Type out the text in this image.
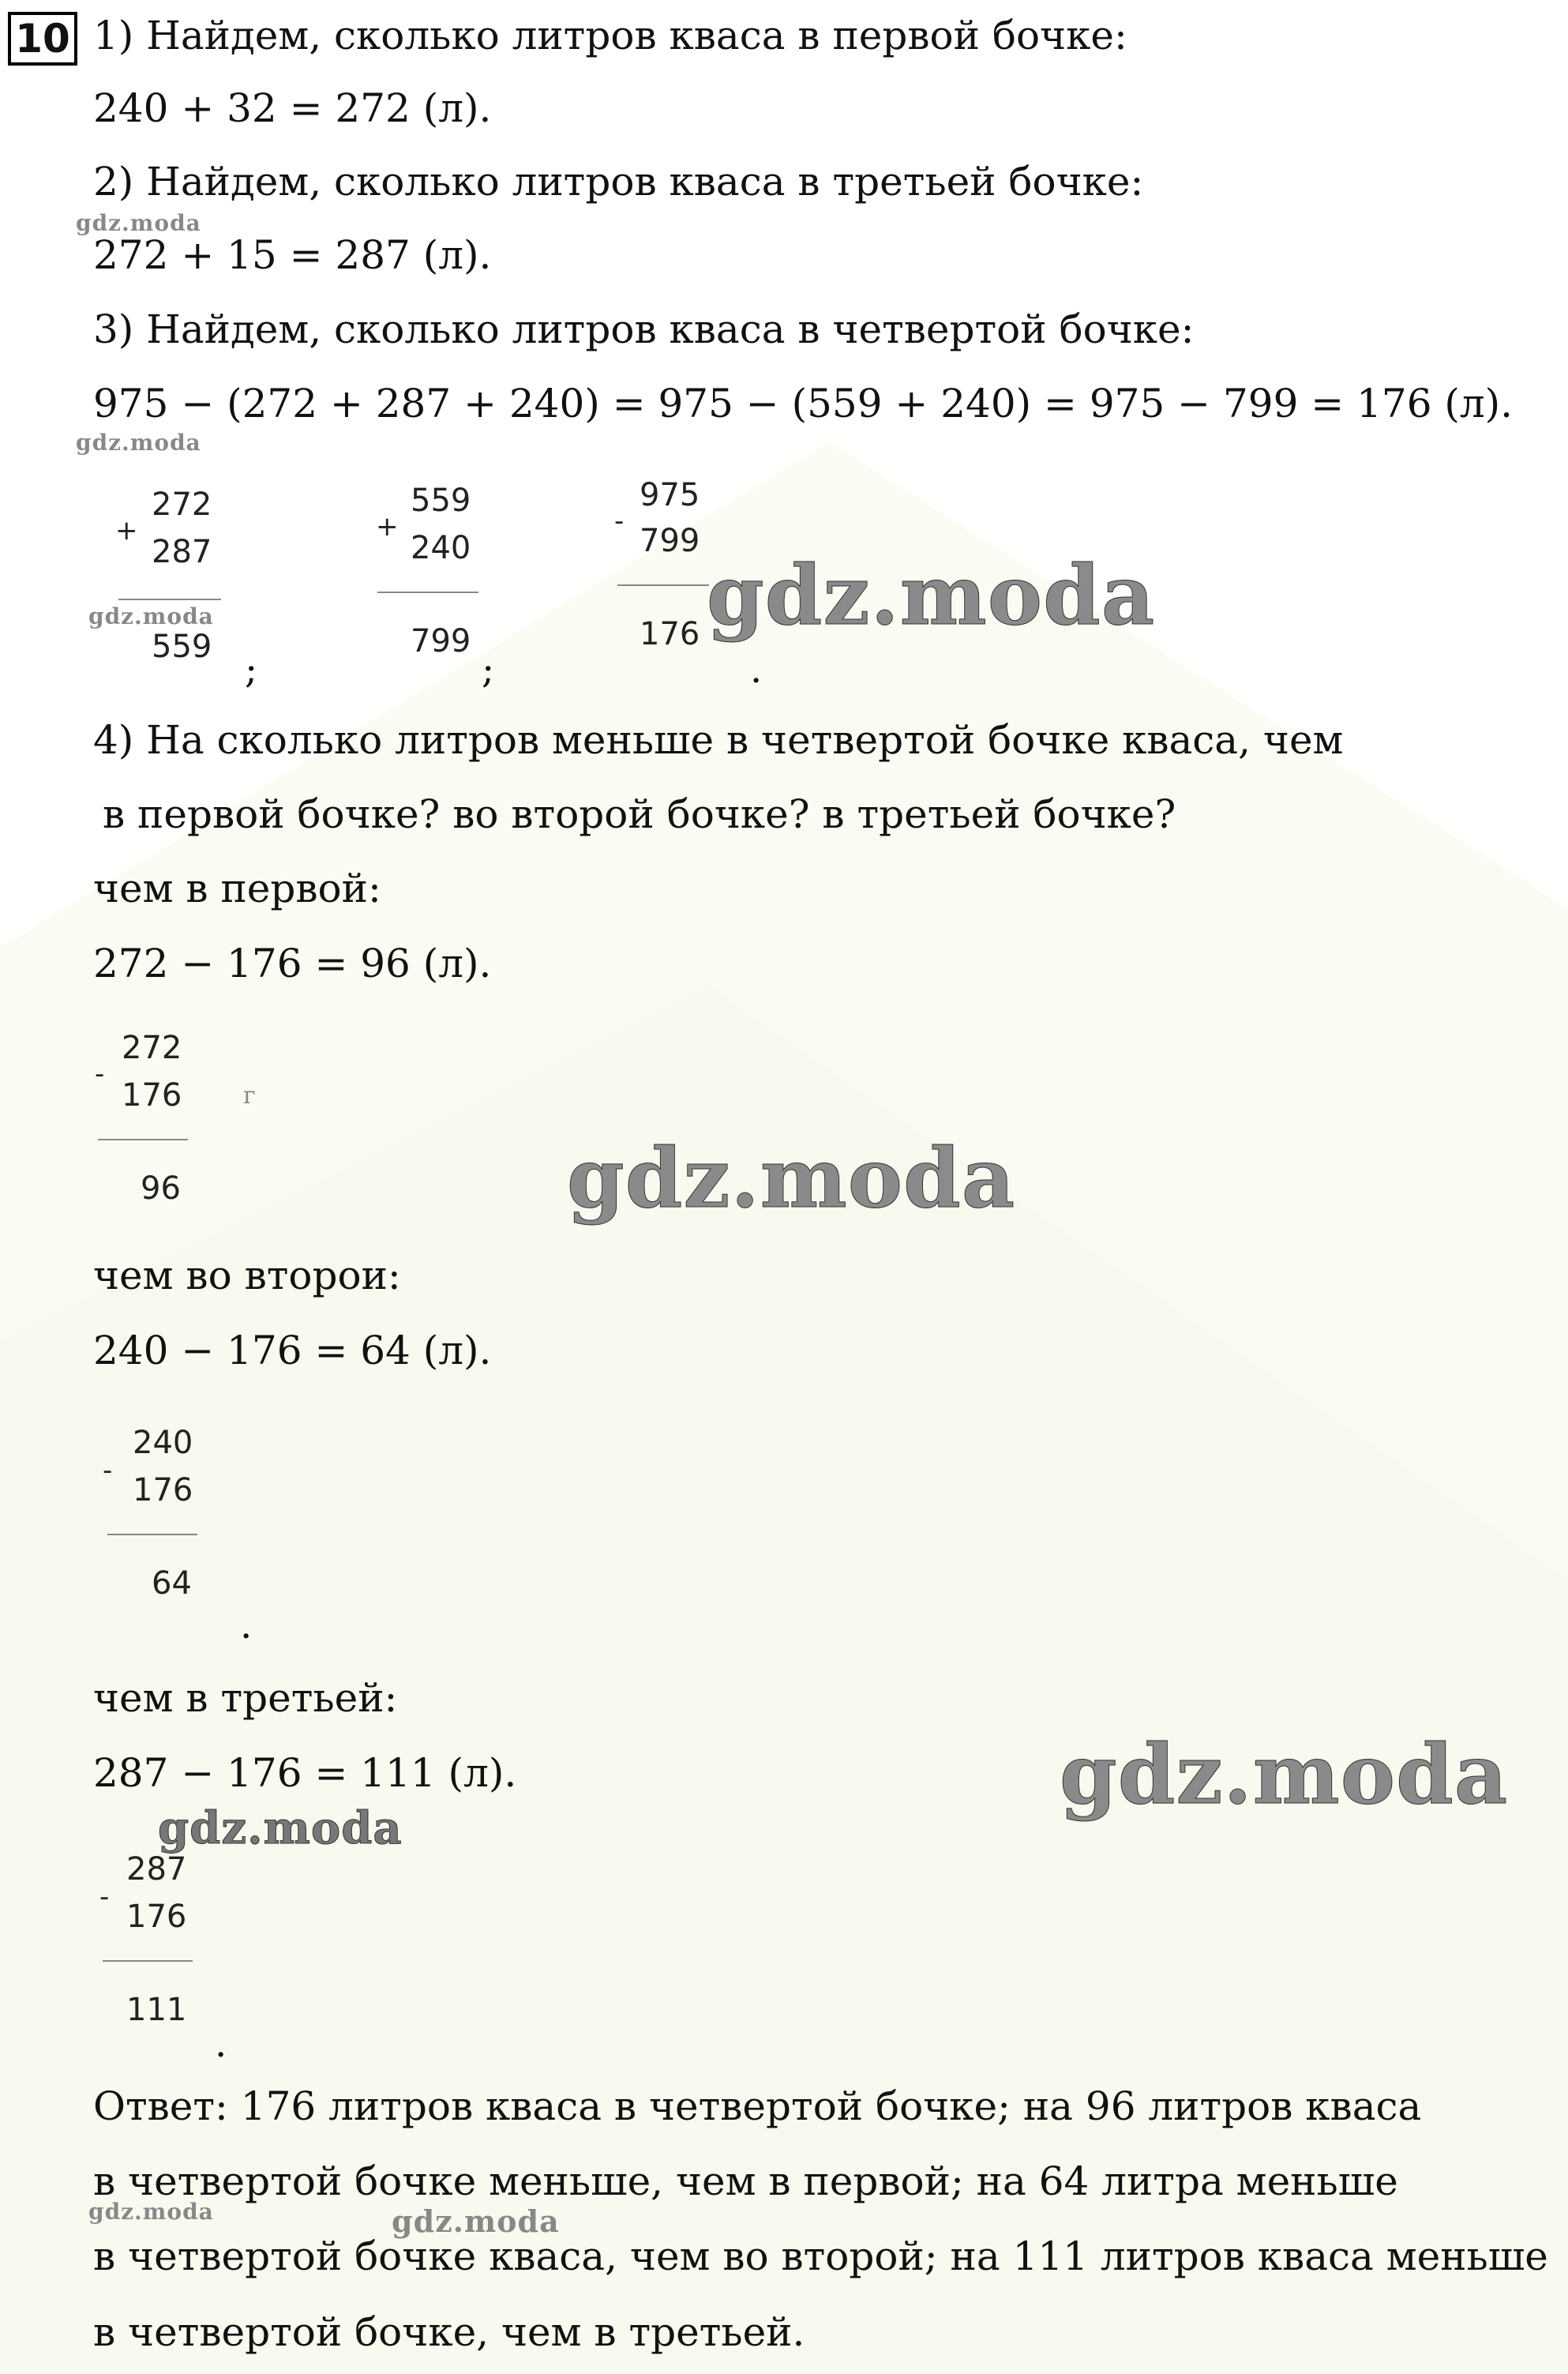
10 1) Найдем, сколько литров кваса в первой бочке:
240 + 32 = 272 (л).
2) Найдем, сколько литров кваса в третьей бочке:
272 + 15 = 287 (л).
3) Найдем, сколько литров кваса в четвертой бочке:
975 − (272 + 287 + 240) = 975 − (559 + 240) = 975 − 799 = 176 (л).
272
+
287
559
;
559
+
240
799
;
975
-
799
176
.
4) На сколько литров меньше в четвертой бочке кваса, чем
в первой бочке? во второй бочке? в третьей бочке?
чем в первой:
272 − 176 = 96 (л).
272
-
176
96
г
чем во второи:
240 − 176 = 64 (л).
240
-
176
64
.
чем в третьей:
287 − 176 = 111 (л).
287
-
176
111
.
Ответ: 176 литров кваса в четвертой бочке; на 96 литров кваса
в четвертой бочке меньше, чем в первой; на 64 литра меньше
в четвертой бочке кваса, чем во второй; на 111 литров кваса меньше
в четвертой бочке, чем в третьей.
gdz.moda
gdz.moda
gdz.moda	gdz.moda
gdz.moda
gdz.moda
gdz.moda
gdz.moda	gdz.moda
